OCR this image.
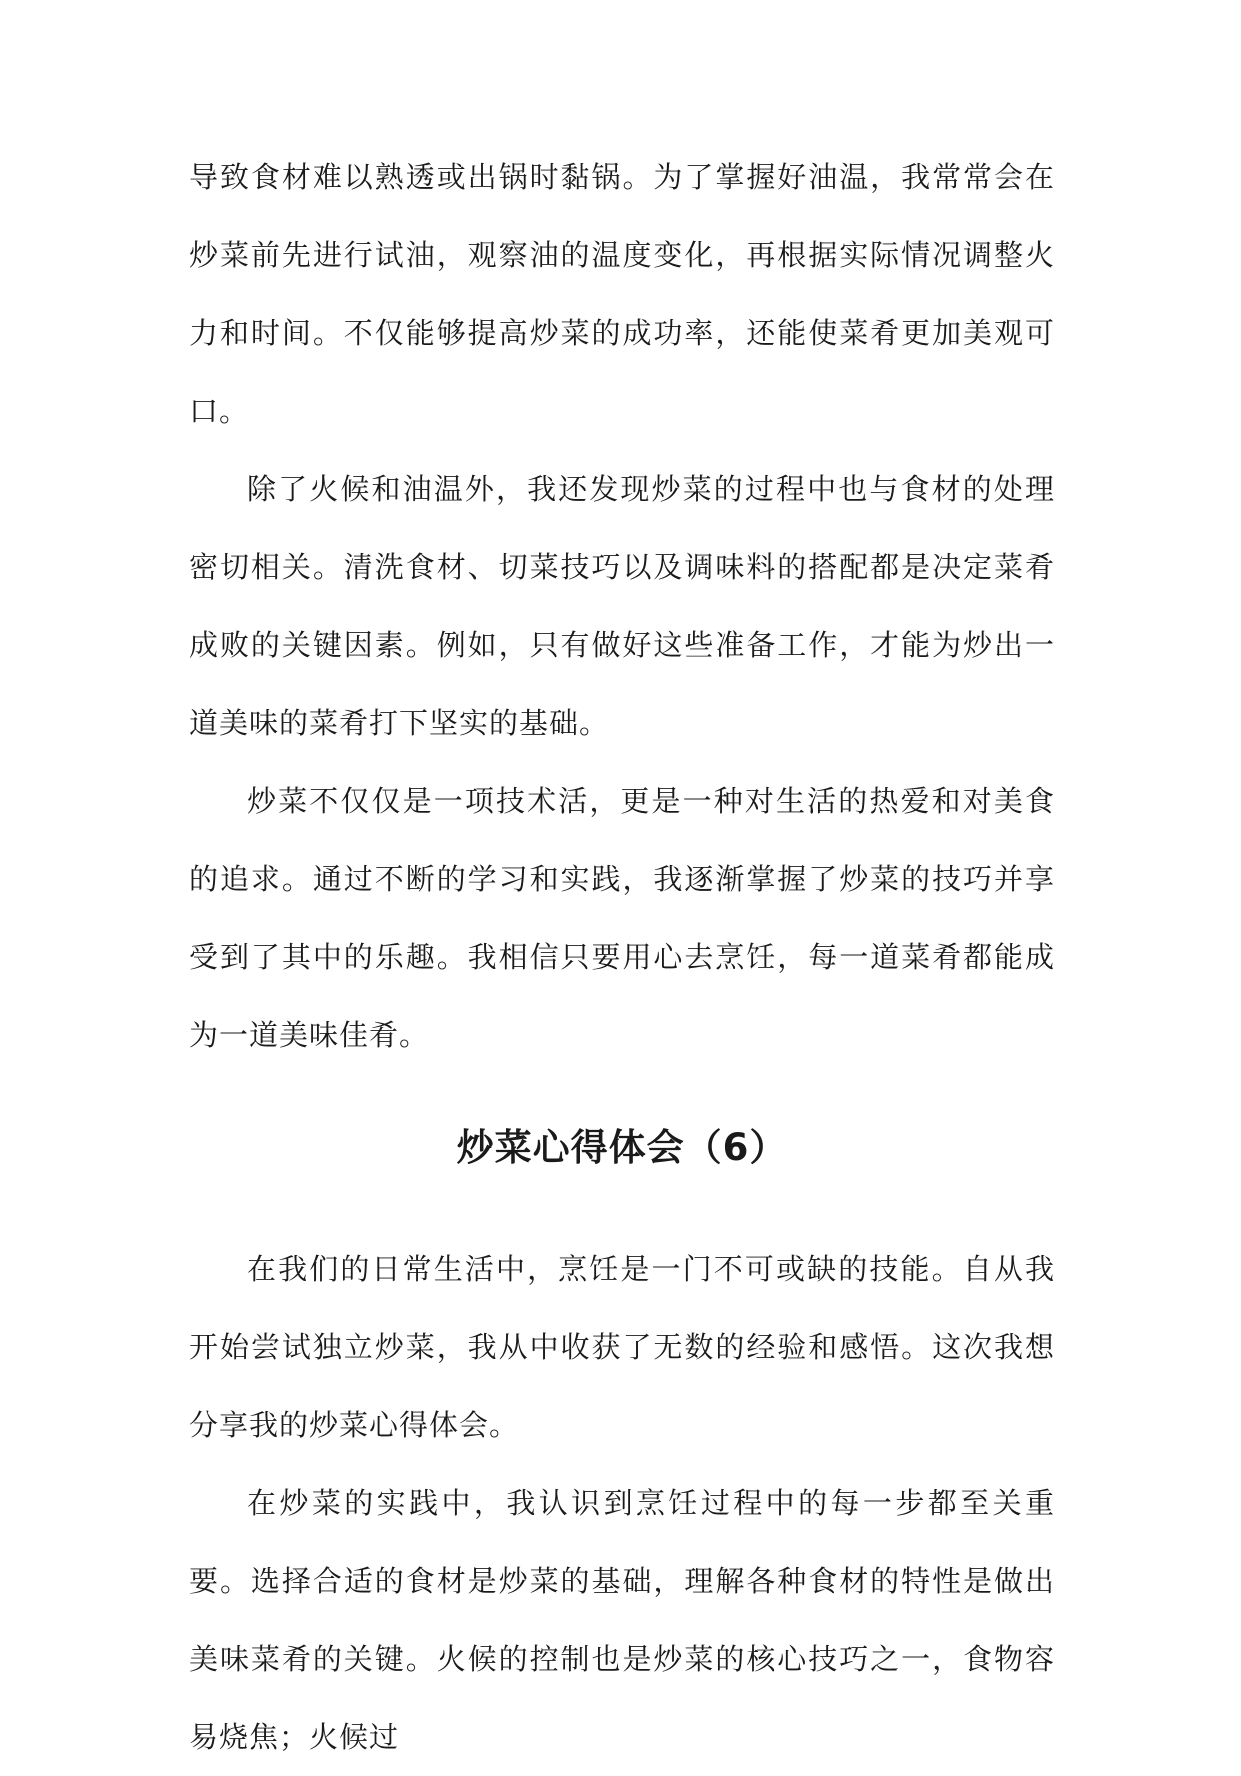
导致食材难以熟透或出锅时黏锅。为了掌握好油温，我常常会在炒菜前先进行试油，观察油的温度变化，再根据实际情况调整火力和时间。不仅能够提高炒菜的成功率，还能使菜肴更加美观可口。

除了火候和油温外，我还发现炒菜的过程中也与食材的处理密切相关。清洗食材、切菜技巧以及调味料的搭配都是决定菜肴成败的关键因素。例如，只有做好这些准备工作，才能为炒出一道美味的菜肴打下坚实的基础。

炒菜不仅仅是一项技术活，更是一种对生活的热爱和对美食的追求。通过不断的学习和实践，我逐渐掌握了炒菜的技巧并享受到了其中的乐趣。我相信只要用心去烹饪，每一道菜肴都能成为一道美味佳肴。

炒菜心得体会（6）

在我们的日常生活中，烹饪是一门不可或缺的技能。自从我开始尝试独立炒菜，我从中收获了无数的经验和感悟。这次我想分享我的炒菜心得体会。

在炒菜的实践中，我认识到烹饪过程中的每一步都至关重要。选择合适的食材是炒菜的基础，理解各种食材的特性是做出美味菜肴的关键。火候的控制也是炒菜的核心技巧之一，食物容易烧焦；火候过
